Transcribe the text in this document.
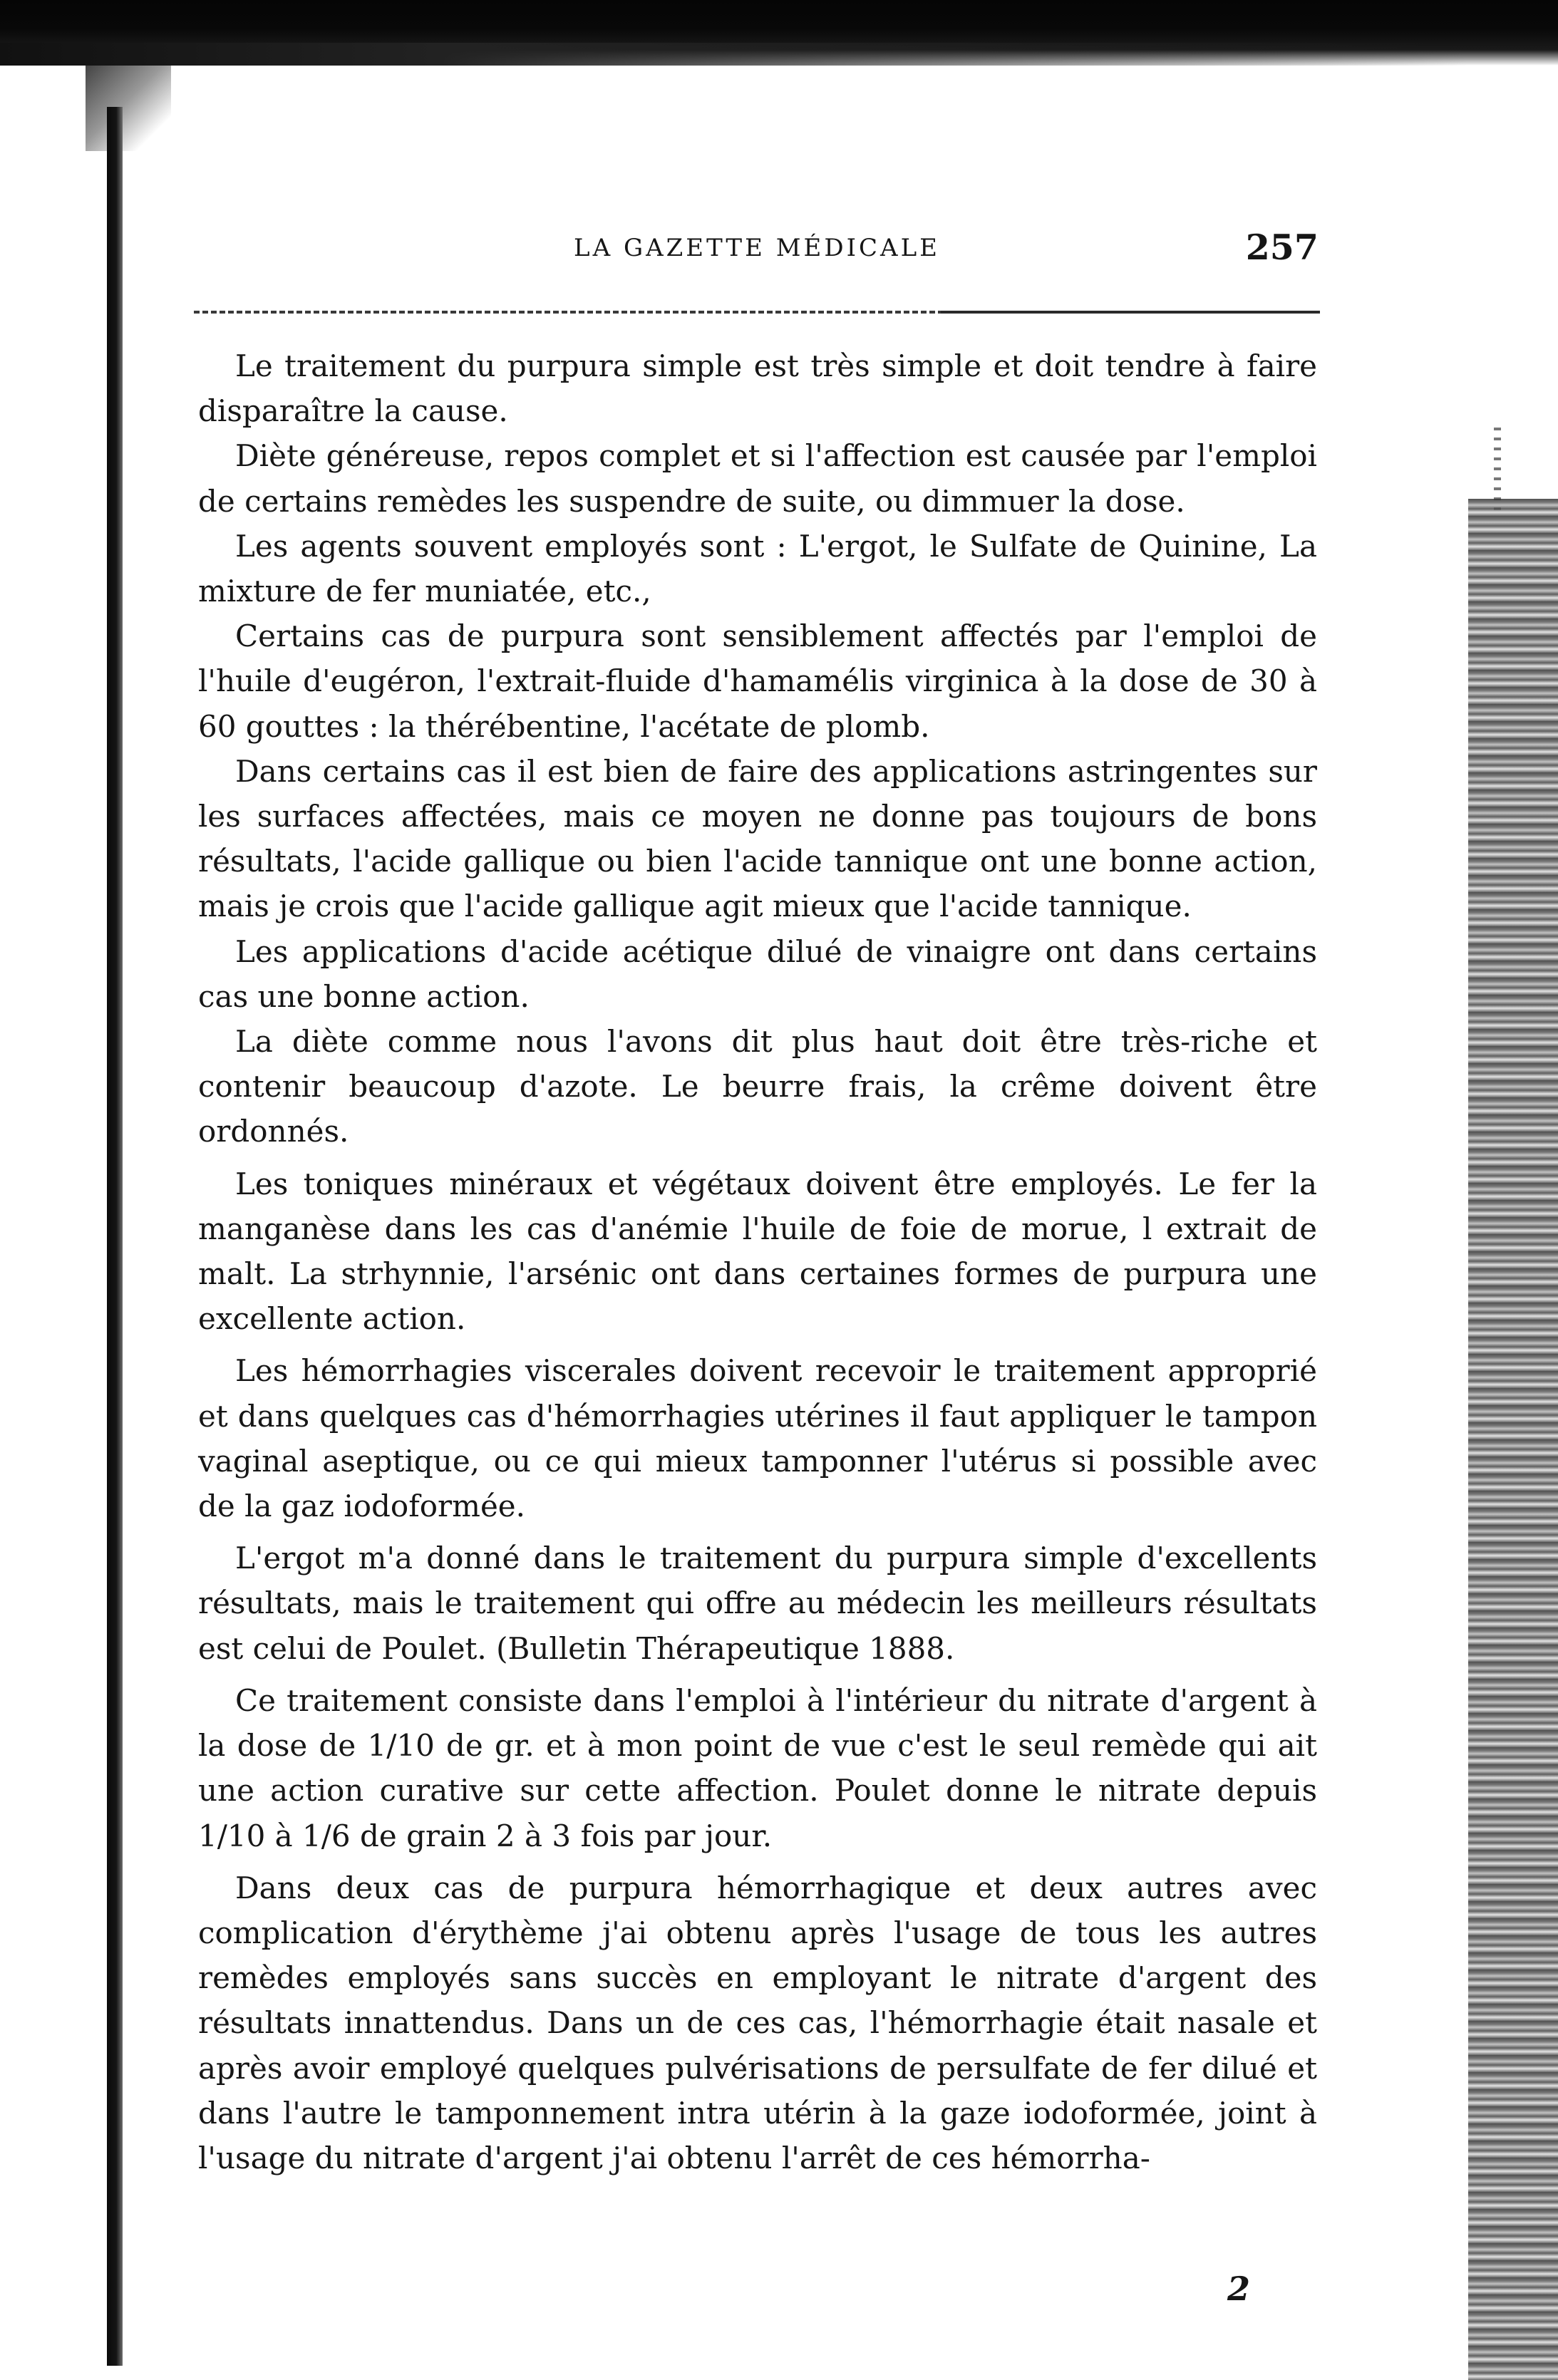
LA GAZETTE MÉDICALE	257

Le traitement du purpura simple est très simple et doit tendre à faire disparaître la cause.

Diète généreuse, repos complet et si l'affection est causée par l'emploi de certains remèdes les suspendre de suite, ou dimmuer la dose.

Les agents souvent employés sont : L'ergot, le Sulfate de Quinine, La mixture de fer muniatée, etc.,

Certains cas de purpura sont sensiblement affectés par l'emploi de l'huile d'eugéron, l'extrait-fluide d'hamamélis virginica à la dose de 30 à 60 gouttes : la thérébentine, l'acétate de plomb.

Dans certains cas il est bien de faire des applications astringentes sur les surfaces affectées, mais ce moyen ne donne pas toujours de bons résultats, l'acide gallique ou bien l'acide tannique ont une bonne action, mais je crois que l'acide gallique agit mieux que l'acide tannique.

Les applications d'acide acétique dilué de vinaigre ont dans certains cas une bonne action.

La diète comme nous l'avons dit plus haut doit être très-riche et contenir beaucoup d'azote. Le beurre frais, la crême doivent être ordonnés.

Les toniques minéraux et végétaux doivent être employés. Le fer la manganèse dans les cas d'anémie l'huile de foie de morue, l extrait de malt. La strhynnie, l'arsénic ont dans certaines formes de purpura une excellente action.

Les hémorrhagies viscerales doivent recevoir le traitement approprié et dans quelques cas d'hémorrhagies utérines il faut appliquer le tampon vaginal aseptique, ou ce qui mieux tamponner l'utérus si possible avec de la gaz iodoformée.

L'ergot m'a donné dans le traitement du purpura simple d'excellents résultats, mais le traitement qui offre au médecin les meilleurs résultats est celui de Poulet. (Bulletin Thérapeutique 1888.

Ce traitement consiste dans l'emploi à l'intérieur du nitrate d'argent à la dose de 1/10 de gr. et à mon point de vue c'est le seul remède qui ait une action curative sur cette affection. Poulet donne le nitrate depuis 1/10 à 1/6 de grain 2 à 3 fois par jour.

Dans deux cas de purpura hémorrhagique et deux autres avec complication d'érythème j'ai obtenu après l'usage de tous les autres remèdes employés sans succès en employant le nitrate d'argent des résultats innattendus. Dans un de ces cas, l'hémorrhagie était nasale et après avoir employé quelques pulvérisations de persulfate de fer dilué et dans l'autre le tamponnement intra utérin à la gaze iodoformée, joint à l'usage du nitrate d'argent j'ai obtenu l'arrêt de ces hémorrha-

2
